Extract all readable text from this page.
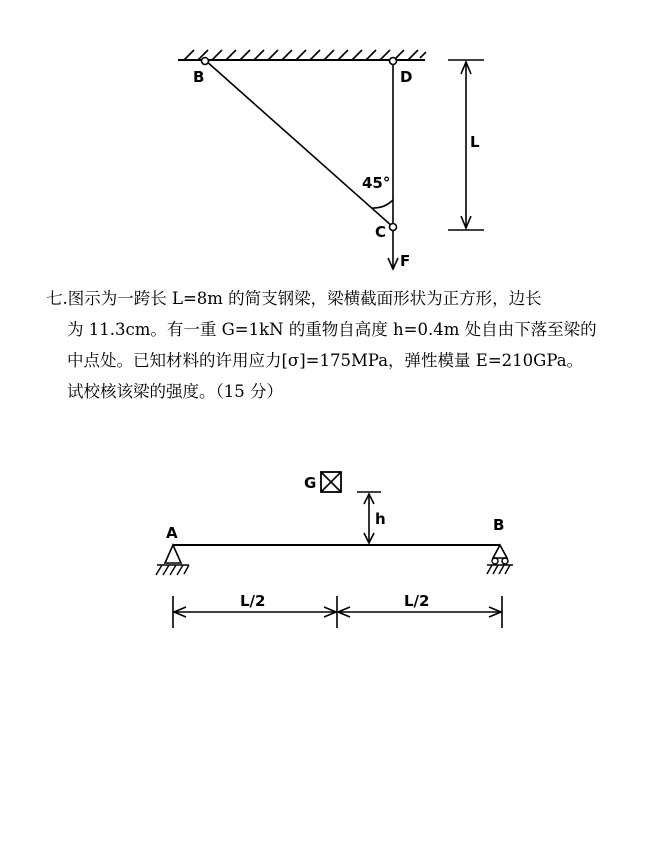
B	D
C
F
L
45°

七.图示为一跨长 L=8m 的简支钢梁，梁横截面形状为正方形，边长

为 11.3cm。有一重 G=1kN 的重物自高度 h=0.4m 处自由下落至梁的

中点处。已知材料的许用应力[σ]=175MPa，弹性模量 E=210GPa。

试校核该梁的强度。（15 分）

G
h
A	B
L/2	L/2
